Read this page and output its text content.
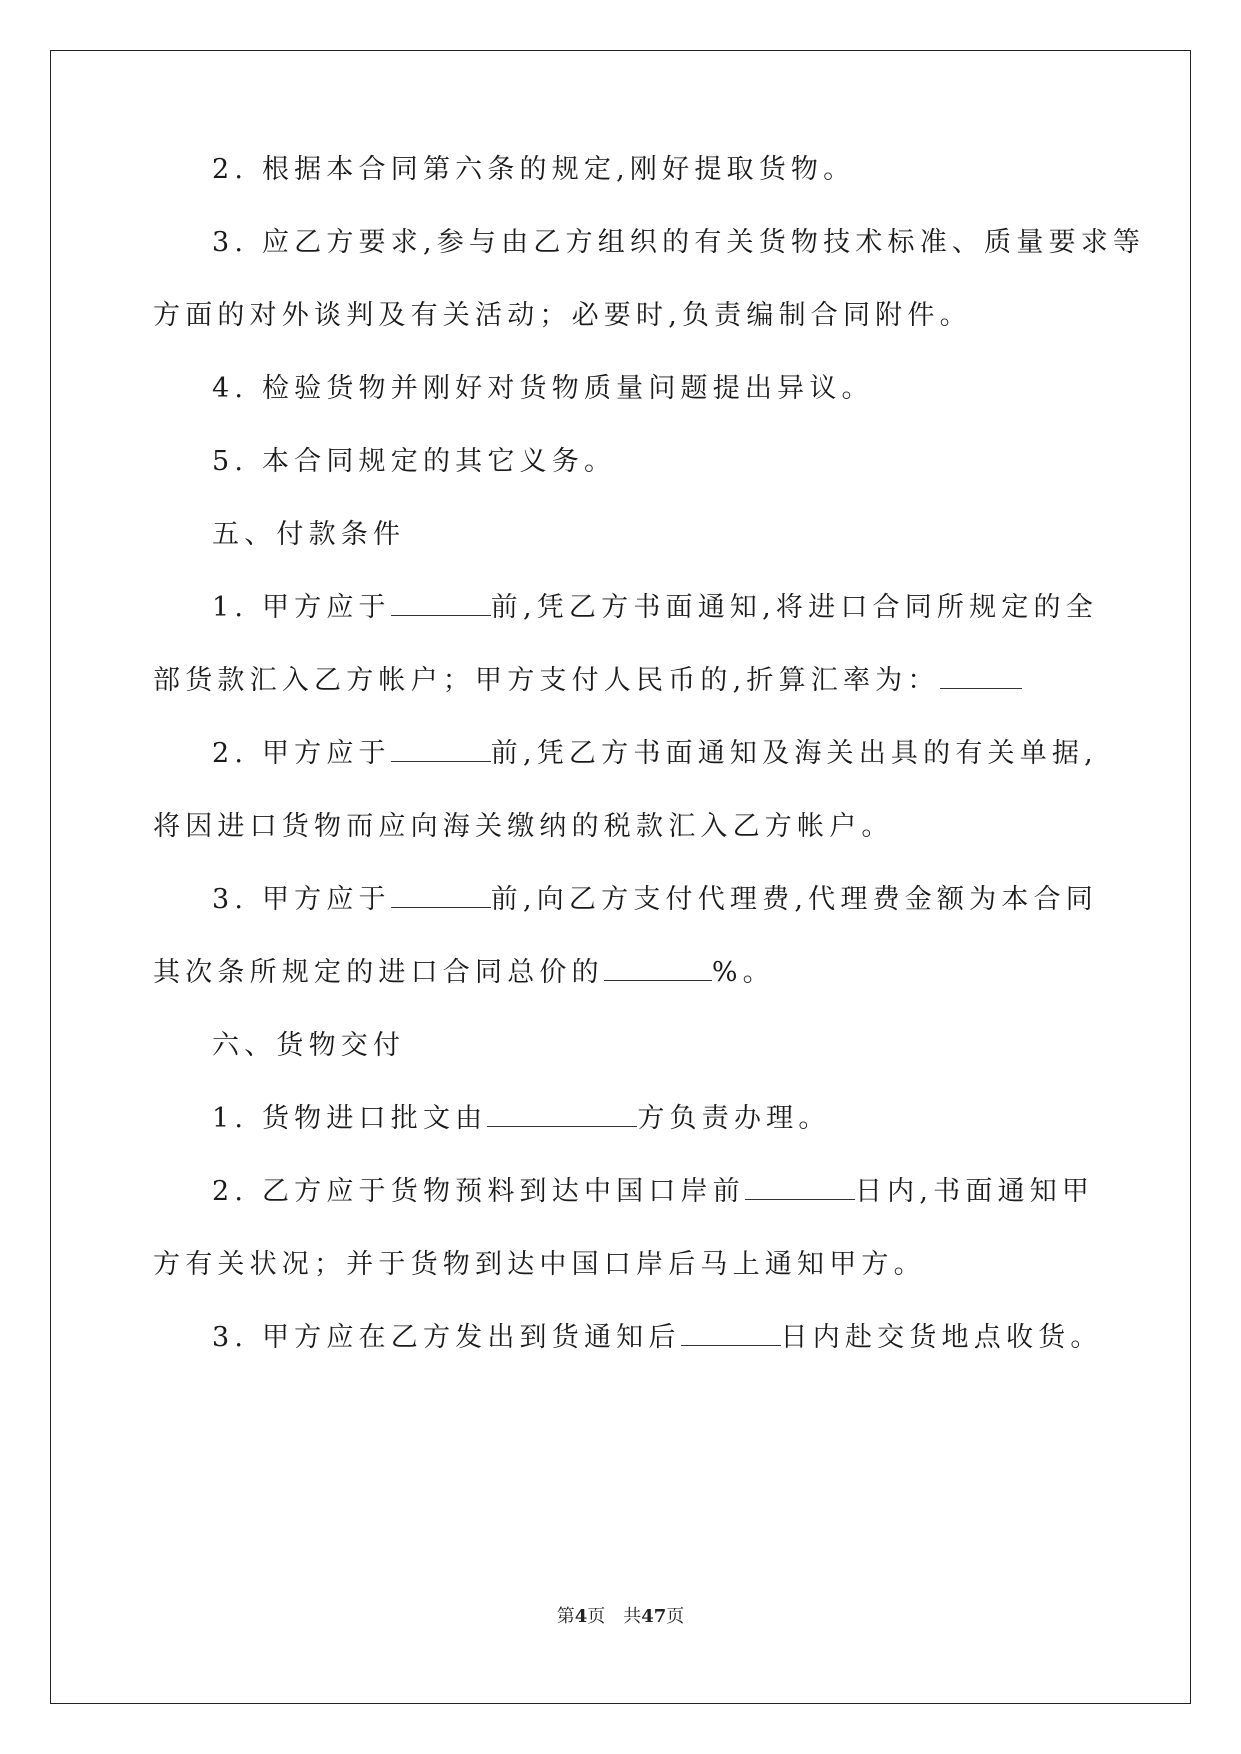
2. 根据本合同第六条的规定,刚好提取货物。
3. 应乙方要求,参与由乙方组织的有关货物技术标准、质量要求等
方面的对外谈判及有关活动；必要时,负责编制合同附件。
4. 检验货物并刚好对货物质量问题提出异议。
5. 本合同规定的其它义务。
五、付款条件
1. 甲方应于	前,凭乙方书面通知,将进口合同所规定的全
部货款汇入乙方帐户；甲方支付人民币的,折算汇率为：
2. 甲方应于	前,凭乙方书面通知及海关出具的有关单据,
将因进口货物而应向海关缴纳的税款汇入乙方帐户。
3. 甲方应于	前,向乙方支付代理费,代理费金额为本合同
其次条所规定的进口合同总价的	%。
六、货物交付
1. 货物进口批文由	方负责办理。
2. 乙方应于货物预料到达中国口岸前	日内,书面通知甲
方有关状况；并于货物到达中国口岸后马上通知甲方。
3. 甲方应在乙方发出到货通知后	日内赴交货地点收货。
第4页　共47页
